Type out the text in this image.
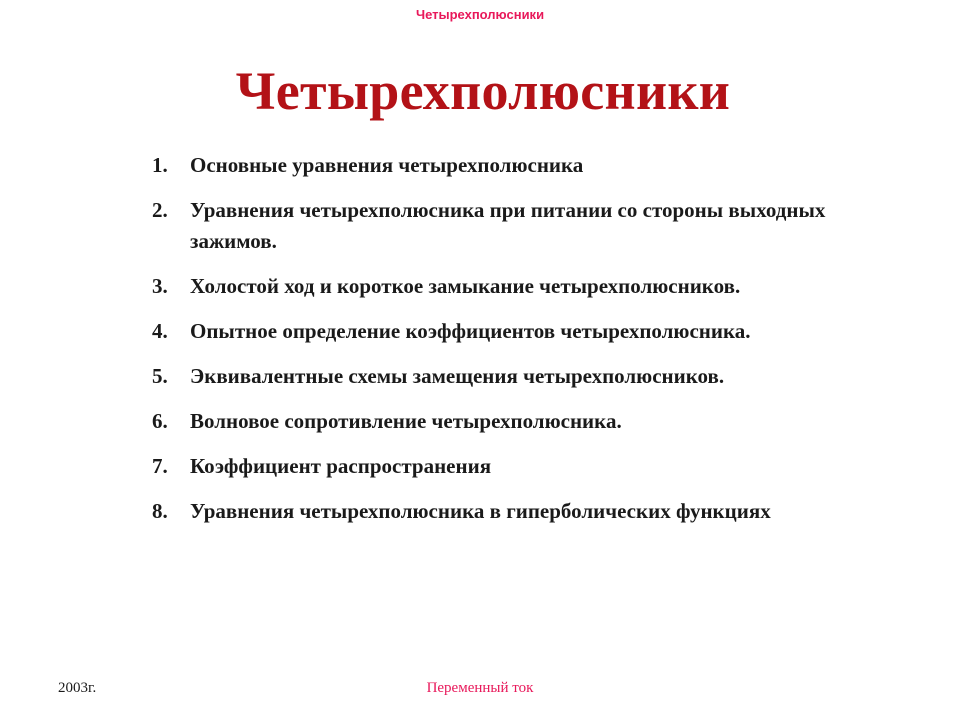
Четырехполюсники
Четырехполюсники
1.	Основные уравнения четырехполюсника
2.	Уравнения четырехполюсника при питании со стороны выходных зажимов.
3.	Холостой ход и короткое замыкание четырехполюсников.
4.	Опытное определение коэффициентов четырехполюсника.
5.	Эквивалентные схемы замещения четырехполюсников.
6.	Волновое сопротивление четырехполюсника.
7.	Коэффициент распространения
8.	Уравнения четырехполюсника в гиперболических функциях
2003г.	Переменный ток
